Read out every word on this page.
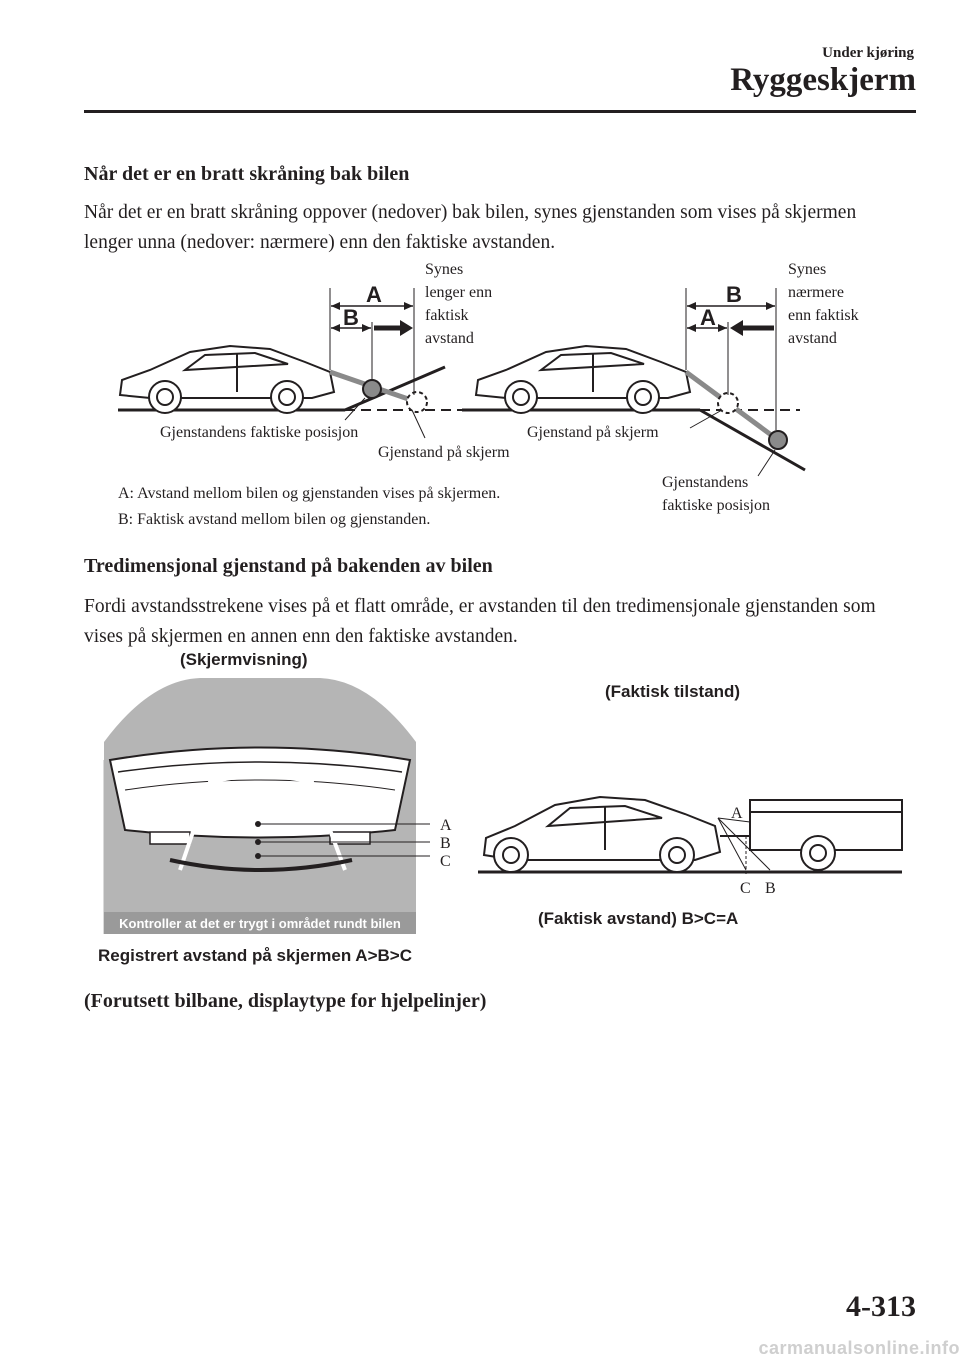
Under kjøring
Ryggeskjerm
Når det er en bratt skråning bak bilen

Når det er en bratt skråning oppover (nedover) bak bilen, synes gjenstanden som vises på skjermen lenger unna (nedover: nærmere) enn den faktiske avstanden.

A
B
Synes
lenger enn
faktisk
avstand
Gjenstandens faktiske posisjon
Gjenstand på skjerm
B
A
Synes
nærmere
enn faktisk
avstand
Gjenstand på skjerm
Gjenstandens
faktiske posisjon
A: Avstand mellom bilen og gjenstanden vises på skjermen.
B: Faktisk avstand mellom bilen og gjenstanden.
Tredimensjonal gjenstand på bakenden av bilen

Fordi avstandsstrekene vises på et flatt område, er avstanden til den tredimensjonale gjenstanden som vises på skjermen en annen enn den faktiske avstanden.

(Skjermvisning)
(Faktisk tilstand)
Kontroller at det er trygt i området rundt bilen
A
B
C
A
C B
(Faktisk avstand) B>C=A
Registrert avstand på skjermen A>B>C
(Forutsett bilbane, displaytype for hjelpelinjer)
4-313
carmanualsonline.info
